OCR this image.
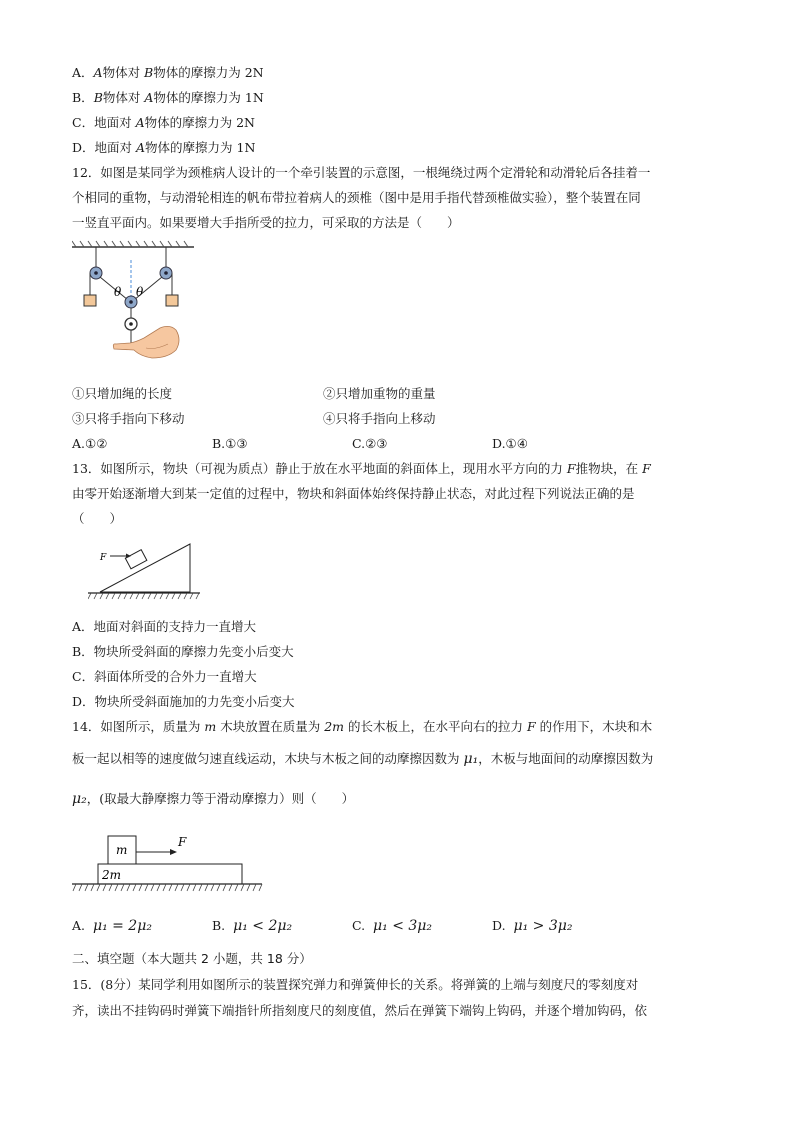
A．A物体对 B物体的摩擦力为 2N
B．B物体对 A物体的摩擦力为 1N
C．地面对 A物体的摩擦力为 2N
D．地面对 A物体的摩擦力为 1N
12．如图是某同学为颈椎病人设计的一个牵引装置的示意图，一根绳绕过两个定滑轮和动滑轮后各挂着一
个相同的重物，与动滑轮相连的帆布带拉着病人的颈椎（图中是用手指代替颈椎做实验），整个装置在同
一竖直平面内。如果要增大手指所受的拉力，可采取的方法是（　　）
θ θ
①只增加绳的长度	②只增加重物的重量
③只将手指向下移动	④只将手指向上移动
A.①②	B.①③	C.②③	D.①④
13．如图所示，物块（可视为质点）静止于放在水平地面的斜面体上，现用水平方向的力 F推物块，在 F
由零开始逐渐增大到某一定值的过程中，物块和斜面体始终保持静止状态，对此过程下列说法正确的是
（　　）
F
A．地面对斜面的支持力一直增大
B．物块所受斜面的摩擦力先变小后变大
C．斜面体所受的合外力一直增大
D．物块所受斜面施加的力先变小后变大
14．如图所示，质量为 m 木块放置在质量为 2m 的长木板上，在水平向右的拉力 F 的作用下，木块和木
板一起以相等的速度做匀速直线运动，木块与木板之间的动摩擦因数为 μ₁，木板与地面间的动摩擦因数为
μ₂，(取最大静摩擦力等于滑动摩擦力）则（　　）
m
F
2m
A. μ₁ = 2μ₂	B. μ₁ < 2μ₂	C. μ₁ < 3μ₂	D. μ₁ > 3μ₂
二、填空题（本大题共 2 小题，共 18 分）
15．(8分）某同学利用如图所示的装置探究弹力和弹簧伸长的关系。将弹簧的上端与刻度尺的零刻度对
齐，读出不挂钩码时弹簧下端指针所指刻度尺的刻度值，然后在弹簧下端钩上钩码，并逐个增加钩码，依
